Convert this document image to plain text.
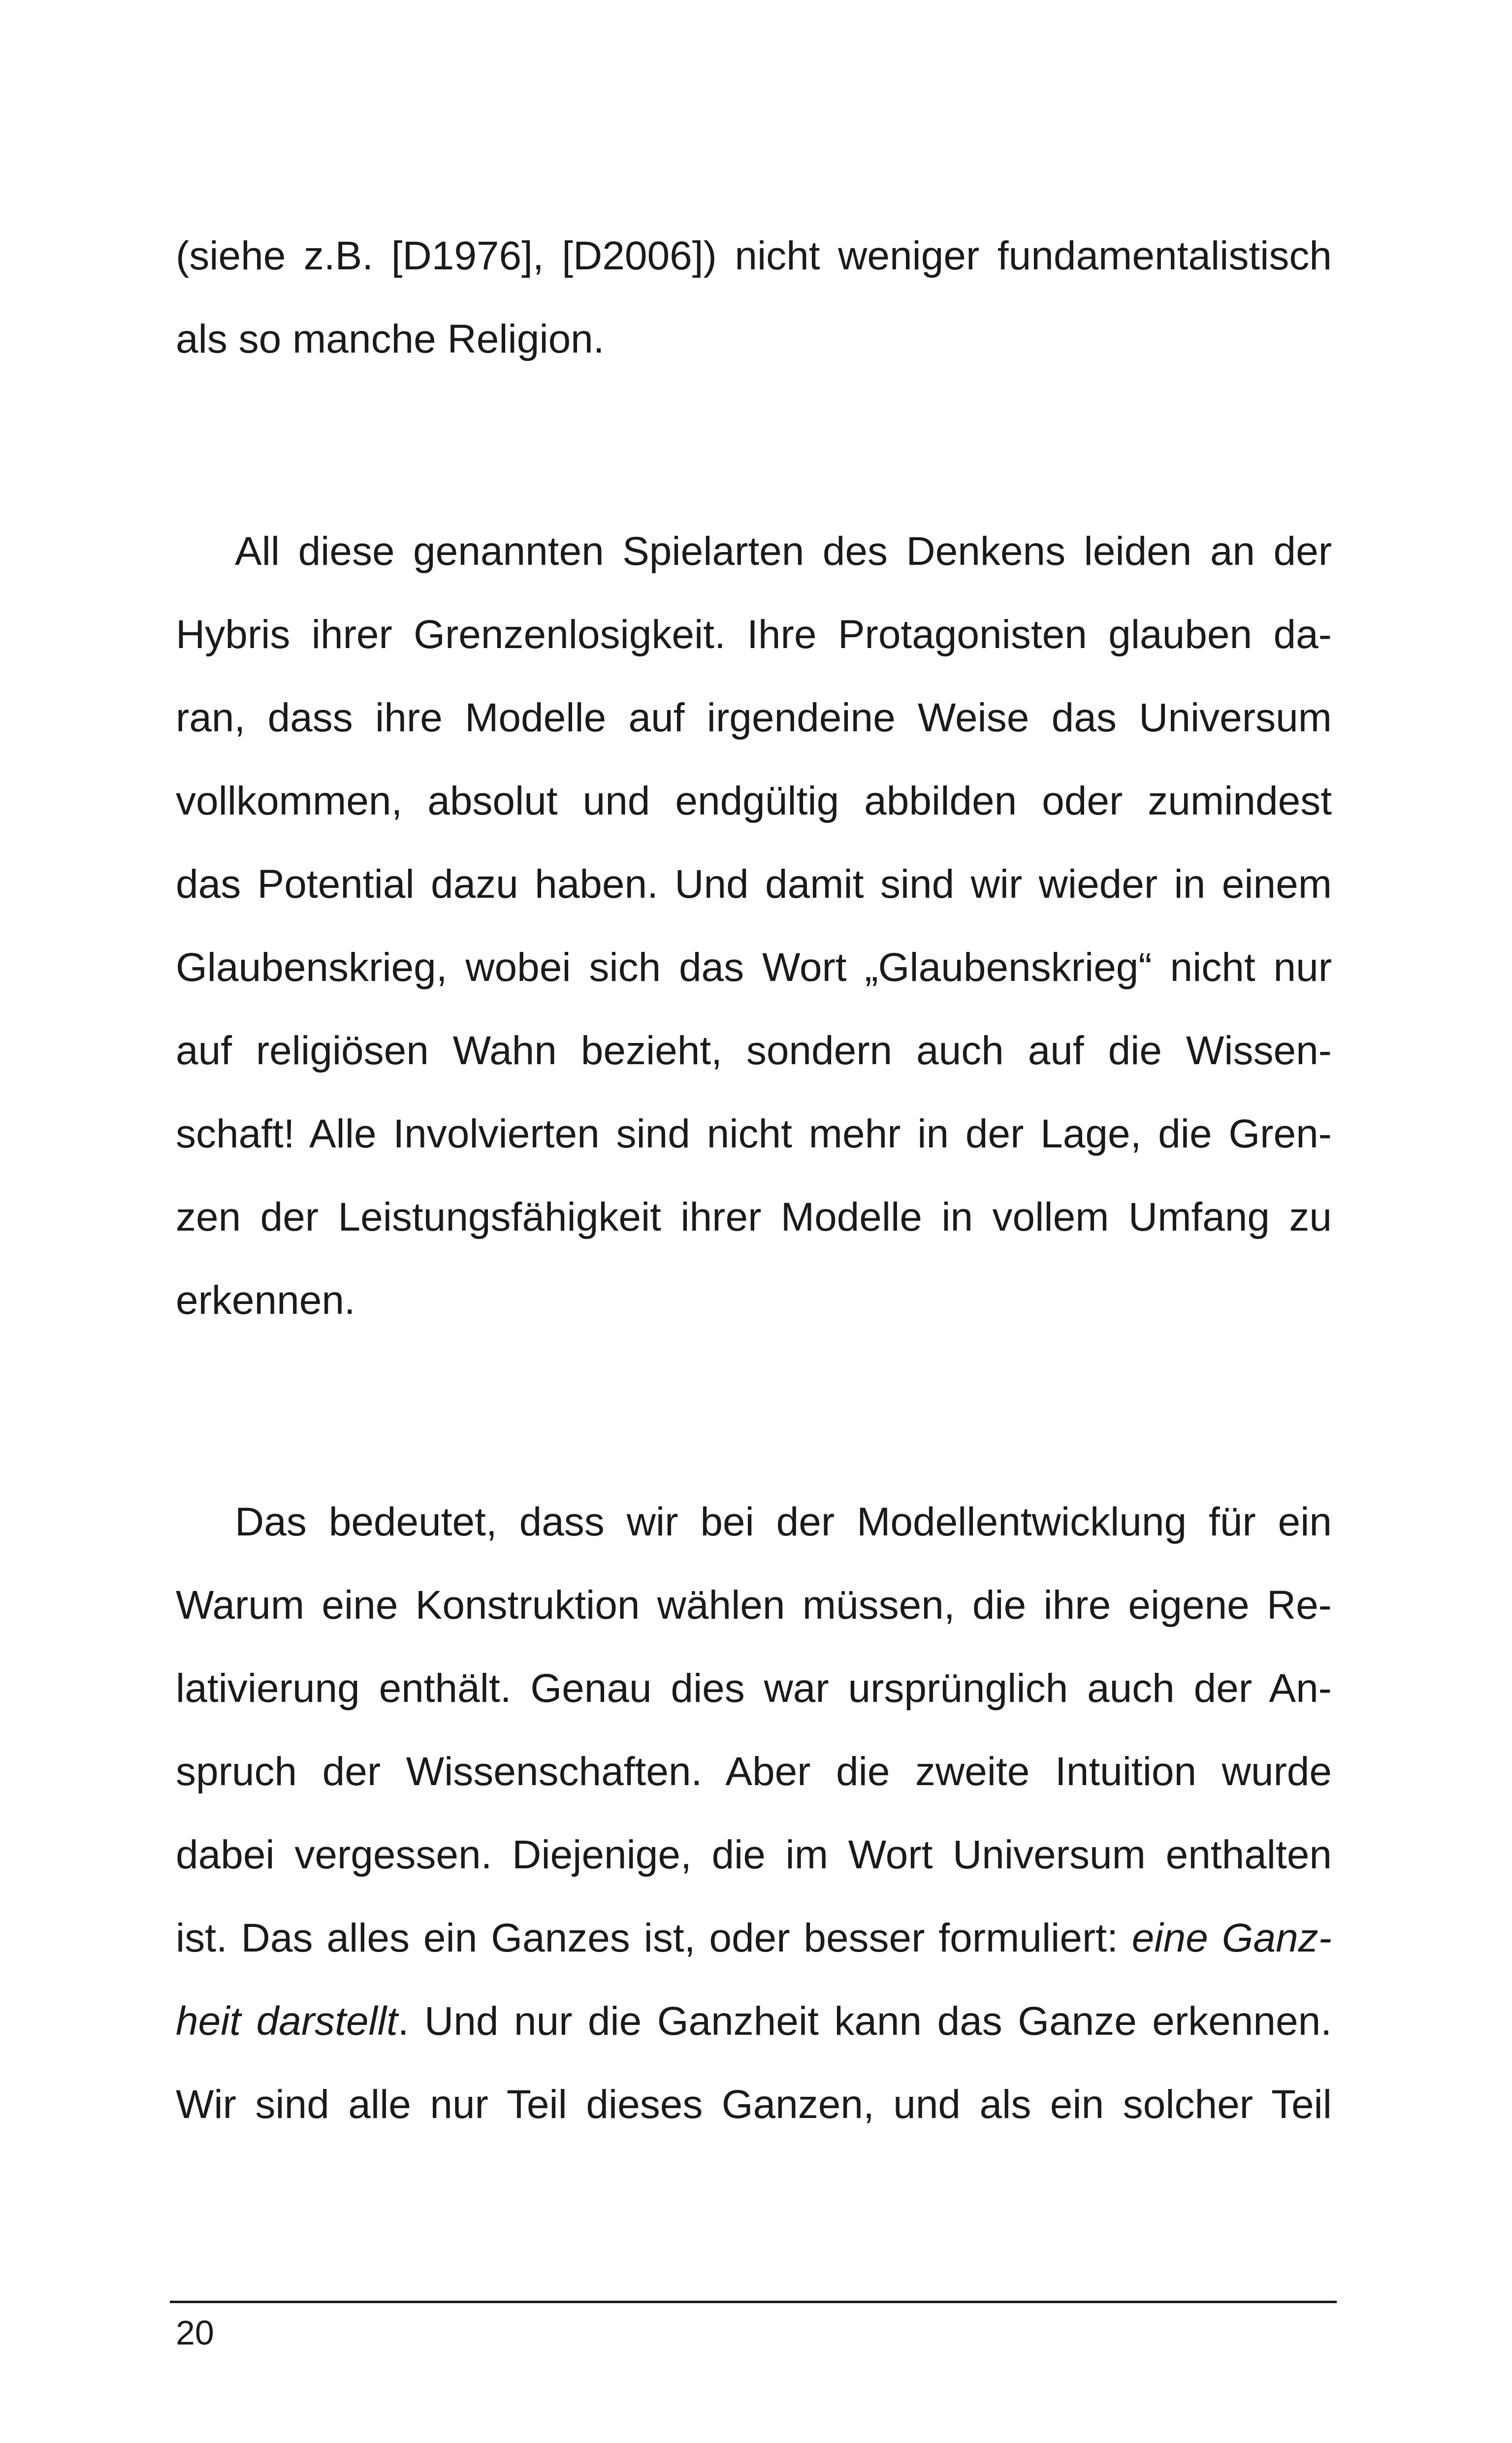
(siehe z.B. [D1976], [D2006]) nicht weniger fundamentalistisch
als so manche Religion.

All diese genannten Spielarten des Denkens leiden an der
Hybris ihrer Grenzenlosigkeit. Ihre Protagonisten glauben da-
ran, dass ihre Modelle auf irgendeine Weise das Universum
vollkommen, absolut und endgültig abbilden oder zumindest
das Potential dazu haben. Und damit sind wir wieder in einem
Glaubenskrieg, wobei sich das Wort „Glaubenskrieg“ nicht nur
auf religiösen Wahn bezieht, sondern auch auf die Wissen-
schaft! Alle Involvierten sind nicht mehr in der Lage, die Gren-
zen der Leistungsfähigkeit ihrer Modelle in vollem Umfang zu
erkennen.

Das bedeutet, dass wir bei der Modellentwicklung für ein
Warum eine Konstruktion wählen müssen, die ihre eigene Re-
lativierung enthält. Genau dies war ursprünglich auch der An-
spruch der Wissenschaften. Aber die zweite Intuition wurde
dabei vergessen. Diejenige, die im Wort Universum enthalten
ist. Das alles ein Ganzes ist, oder besser formuliert: eine Ganz-
heit darstellt. Und nur die Ganzheit kann das Ganze erkennen.
Wir sind alle nur Teil dieses Ganzen, und als ein solcher Teil

20
